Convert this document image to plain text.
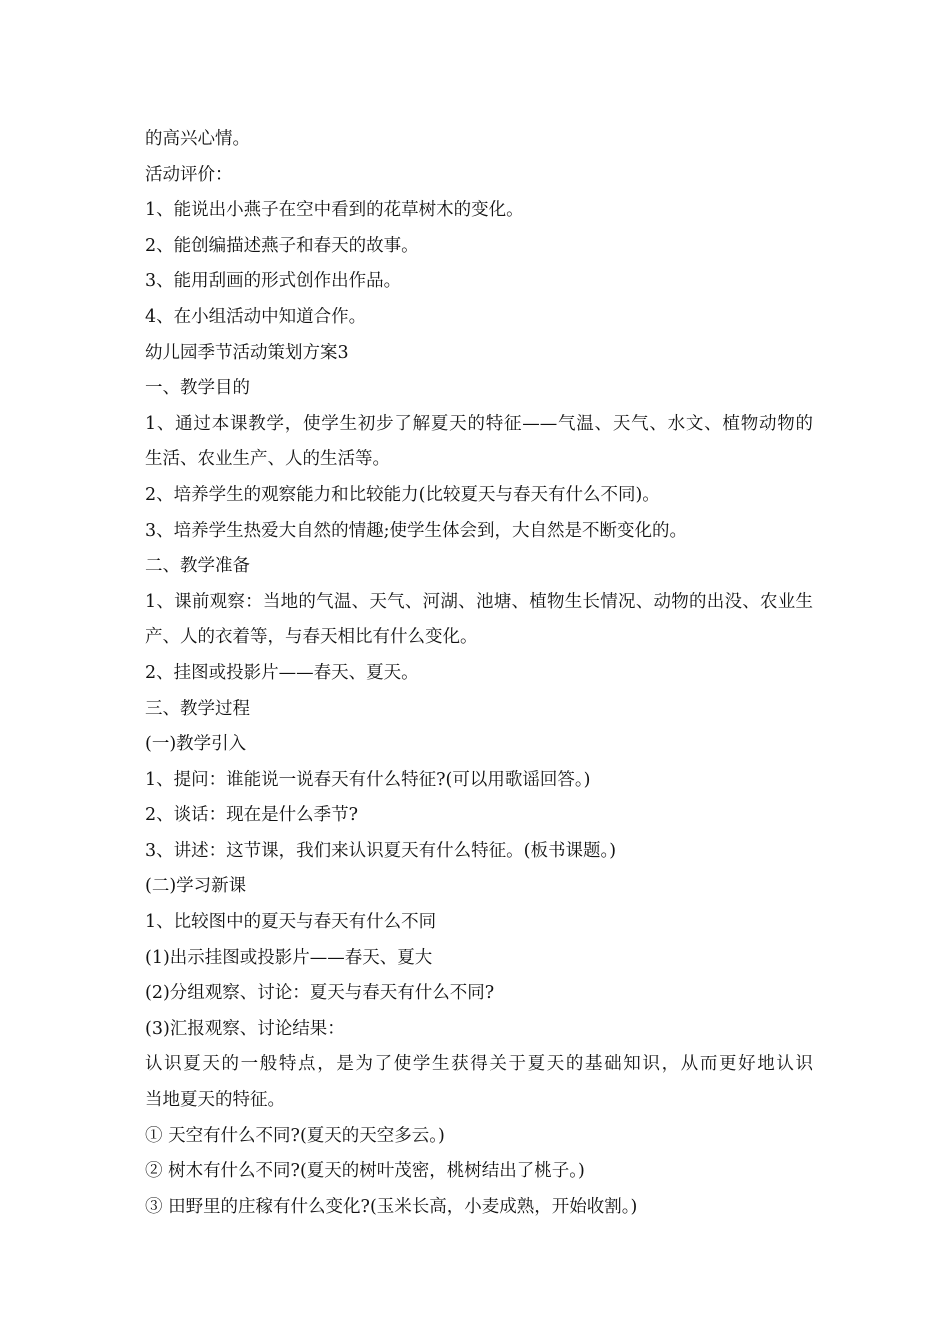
的高兴心情。
活动评价：
1、能说出小燕子在空中看到的花草树木的变化。
2、能创编描述燕子和春天的故事。
3、能用刮画的形式创作出作品。
4、在小组活动中知道合作。
幼儿园季节活动策划方案3
一、教学目的
1、通过本课教学，使学生初步了解夏天的特征——气温、天气、水文、植物动物的
生活、农业生产、人的生活等。
2、培养学生的观察能力和比较能力(比较夏天与春天有什么不同)。
3、培养学生热爱大自然的情趣;使学生体会到，大自然是不断变化的。
二、教学准备
1、课前观察：当地的气温、天气、河湖、池塘、植物生长情况、动物的出没、农业生
产、人的衣着等，与春天相比有什么变化。
2、挂图或投影片——春天、夏天。
三、教学过程
(一)教学引入
1、提问：谁能说一说春天有什么特征?(可以用歌谣回答。)
2、谈话：现在是什么季节?
3、讲述：这节课，我们来认识夏天有什么特征。(板书课题。)
(二)学习新课
1、比较图中的夏天与春天有什么不同
(1)出示挂图或投影片——春天、夏大
(2)分组观察、讨论：夏天与春天有什么不同?
(3)汇报观察、讨论结果：
认识夏天的一般特点，是为了使学生获得关于夏天的基础知识，从而更好地认识
当地夏天的特征。
① 天空有什么不同?(夏天的天空多云。)
② 树木有什么不同?(夏天的树叶茂密，桃树结出了桃子。)
③ 田野里的庄稼有什么变化?(玉米长高，小麦成熟，开始收割。)
